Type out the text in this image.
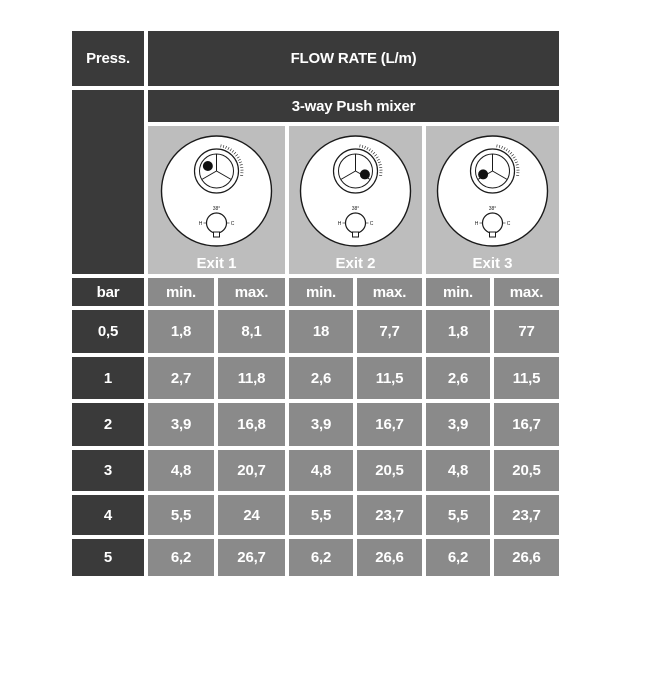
Press.	FLOW RATE (L/m)
3-way Push mixer
38°
H	C
Exit 1
38°
H	C
Exit 2
38°
H	C
Exit 3
bar	min.	max.	min.	max.	min.	max.
0,5	1,8	8,1	18	7,7	1,8	77
1	2,7	11,8	2,6	11,5	2,6	11,5
2	3,9	16,8	3,9	16,7	3,9	16,7
3	4,8	20,7	4,8	20,5	4,8	20,5
4	5,5	24	5,5	23,7	5,5	23,7
5	6,2	26,7	6,2	26,6	6,2	26,6
